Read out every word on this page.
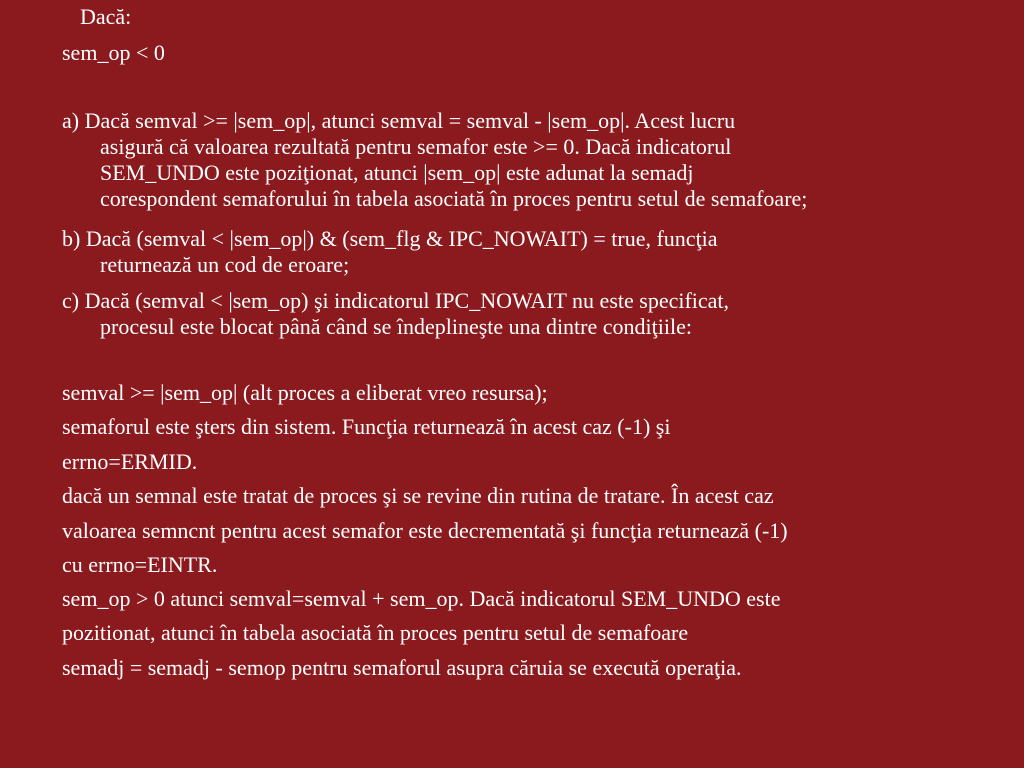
Dacă:
sem_op < 0
a) Dacă semval >= |sem_op|, atunci semval = semval - |sem_op|. Acest lucru
asigură că valoarea rezultată pentru semafor este >= 0. Dacă indicatorul
SEM_UNDO este poziţionat, atunci |sem_op| este adunat la semadj
corespondent semaforului în tabela asociată în proces pentru setul de semafoare;
b) Dacă (semval < |sem_op|) & (sem_flg & IPC_NOWAIT) = true, funcţia
returnează un cod de eroare;
c) Dacă (semval < |sem_op) şi indicatorul IPC_NOWAIT nu este specificat,
procesul este blocat până când se îndeplineşte una dintre condiţiile:
semval >= |sem_op| (alt proces a eliberat vreo resursa);
semaforul este şters din sistem. Funcţia returnează în acest caz (-1) şi
errno=ERMID.
dacă un semnal este tratat de proces şi se revine din rutina de tratare. În acest caz
valoarea semncnt pentru acest semafor este decrementată şi funcţia returnează (-1)
cu errno=EINTR.
sem_op > 0 atunci semval=semval + sem_op. Dacă indicatorul SEM_UNDO este
pozitionat, atunci în tabela asociată în proces pentru setul de semafoare
semadj = semadj - semop pentru semaforul asupra căruia se execută operaţia.
